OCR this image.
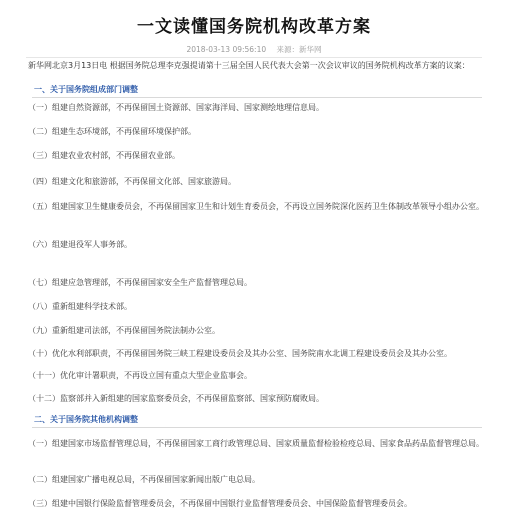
一文读懂国务院机构改革方案
2018-03-13 09:56:10 来源：新华网
新华网北京3月13日电 根据国务院总理李克强提请第十三届全国人民代表大会第一次会议审议的国务院机构改革方案的议案：
一、关于国务院组成部门调整
（一）组建自然资源部，不再保留国土资源部、国家海洋局、国家测绘地理信息局。
（二）组建生态环境部，不再保留环境保护部。
（三）组建农业农村部，不再保留农业部。
（四）组建文化和旅游部，不再保留文化部、国家旅游局。
（五）组建国家卫生健康委员会，不再保留国家卫生和计划生育委员会，不再设立国务院深化医药卫生体制改革领导小组办公室。
（六）组建退役军人事务部。
（七）组建应急管理部，不再保留国家安全生产监督管理总局。
（八）重新组建科学技术部。
（九）重新组建司法部，不再保留国务院法制办公室。
（十）优化水利部职责，不再保留国务院三峡工程建设委员会及其办公室、国务院南水北调工程建设委员会及其办公室。
（十一）优化审计署职责，不再设立国有重点大型企业监事会。
（十二）监察部并入新组建的国家监察委员会，不再保留监察部、国家预防腐败局。
二、关于国务院其他机构调整
（一）组建国家市场监督管理总局，不再保留国家工商行政管理总局、国家质量监督检验检疫总局、国家食品药品监督管理总局。
（二）组建国家广播电视总局，不再保留国家新闻出版广电总局。
（三）组建中国银行保险监督管理委员会，不再保留中国银行业监督管理委员会、中国保险监督管理委员会。
